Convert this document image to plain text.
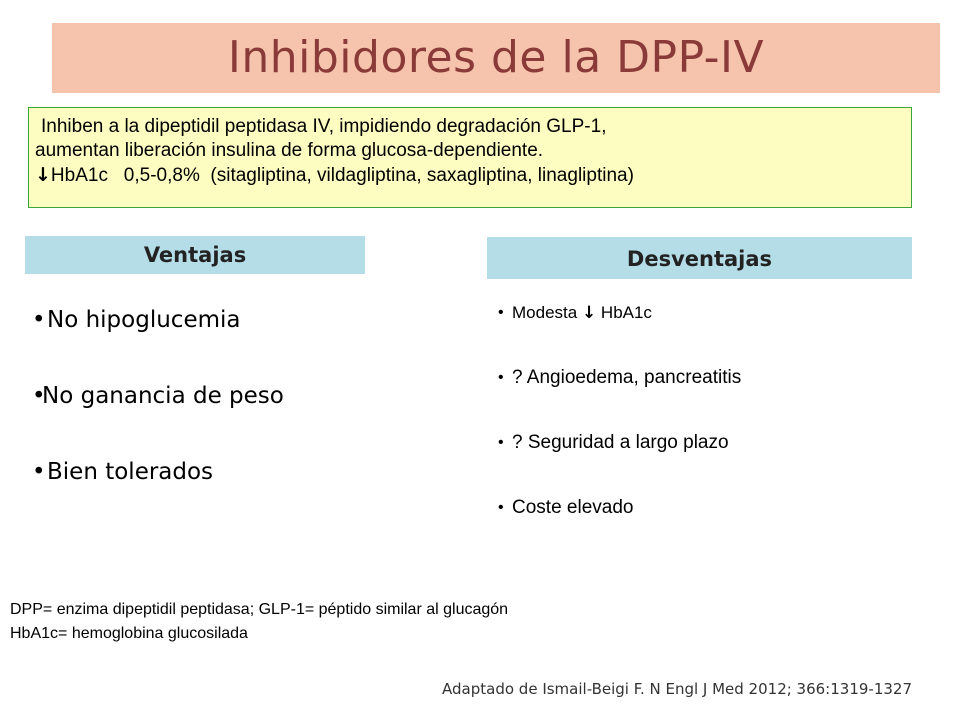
Inhibidores de la DPP-IV
Inhiben a la dipeptidil peptidasa IV, impidiendo degradación GLP-1,
aumentan liberación insulina de forma glucosa-dependiente.
↓HbA1c   0,5-0,8%  (sitagliptina, vildagliptina, saxagliptina, linagliptina)
Ventajas	Desventajas
• No hipoglucemia
•
No ganancia de peso
• Bien tolerados
• Modesta ↓ HbA1c
• ? Angioedema, pancreatitis
• ? Seguridad a largo plazo
• Coste elevado
DPP= enzima dipeptidil peptidasa; GLP-1= péptido similar al glucagón
HbA1c= hemoglobina glucosilada
Adaptado de Ismail-Beigi F. N Engl J Med 2012; 366:1319-1327
